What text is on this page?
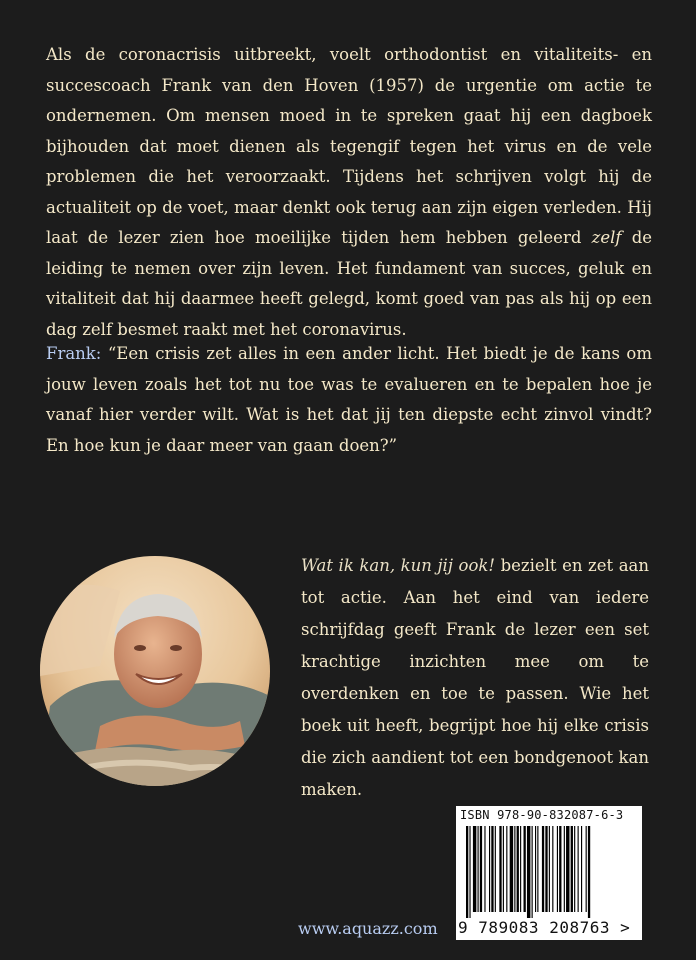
Als de coronacrisis uitbreekt, voelt orthodontist en vitaliteits- en succescoach Frank van den Hoven (1957) de urgentie om actie te ondernemen. Om mensen moed in te spreken gaat hij een dagboek bijhouden dat moet dienen als tegengif tegen het virus en de vele problemen die het veroorzaakt. Tijdens het schrijven volgt hij de actualiteit op de voet, maar denkt ook terug aan zijn eigen verleden. Hij laat de lezer zien hoe moeilijke tijden hem hebben geleerd zelf de leiding te nemen over zijn leven. Het fundament van succes, geluk en vitaliteit dat hij daarmee heeft gelegd, komt goed van pas als hij op een dag zelf besmet raakt met het coronavirus.
Frank: “Een crisis zet alles in een ander licht. Het biedt je de kans om jouw leven zoals het tot nu toe was te evalueren en te bepalen hoe je vanaf hier verder wilt. Wat is het dat jij ten diepste echt zinvol vindt? En hoe kun je daar meer van gaan doen?”
Wat ik kan, kun jij ook! bezielt en zet aan tot actie. Aan het eind van iedere schrijfdag geeft Frank de lezer een set krachtige inzichten mee om te overdenken en toe te passen. Wie het boek uit heeft, begrijpt hoe hij elke crisis die zich aandient tot een bondgenoot kan maken.
www.aquazz.com
ISBN 978-90-832087-6-3
9 789083 208763 >
